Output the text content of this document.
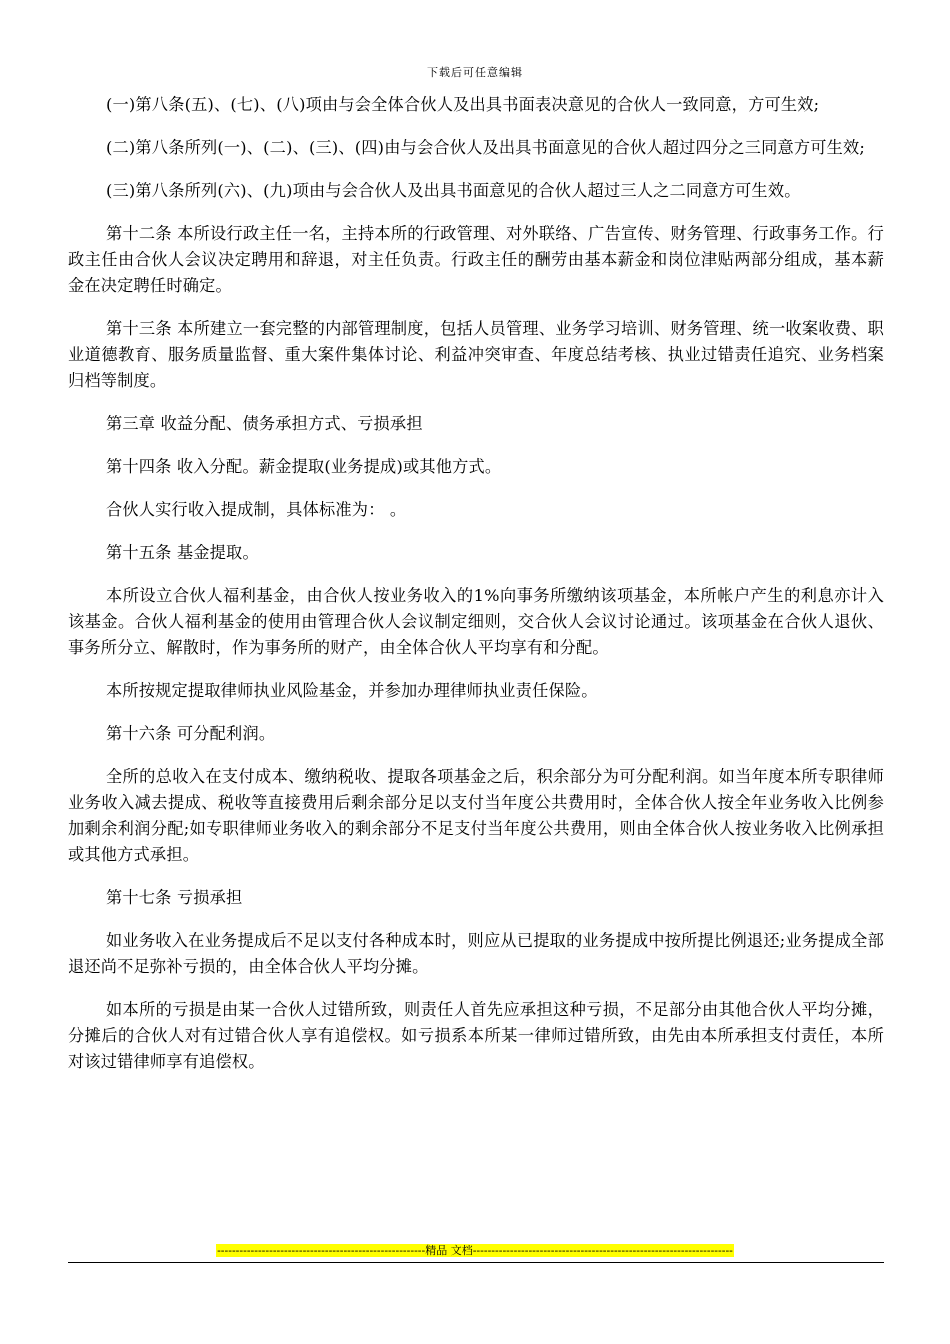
下载后可任意编辑

(一)第八条(五)、(七)、(八)项由与会全体合伙人及出具书面表决意见的合伙人一致同意，方可生效;

(二)第八条所列(一)、(二)、(三)、(四)由与会合伙人及出具书面意见的合伙人超过四分之三同意方可生效;

(三)第八条所列(六)、(九)项由与会合伙人及出具书面意见的合伙人超过三人之二同意方可生效。

第十二条 本所设行政主任一名，主持本所的行政管理、对外联络、广告宣传、财务管理、行政事务工作。行政主任由合伙人会议决定聘用和辞退，对主任负责。行政主任的酬劳由基本薪金和岗位津贴两部分组成，基本薪金在决定聘任时确定。

第十三条 本所建立一套完整的内部管理制度，包括人员管理、业务学习培训、财务管理、统一收案收费、职业道德教育、服务质量监督、重大案件集体讨论、利益冲突审查、年度总结考核、执业过错责任追究、业务档案归档等制度。

第三章 收益分配、债务承担方式、亏损承担

第十四条 收入分配。薪金提取(业务提成)或其他方式。

合伙人实行收入提成制，具体标准为： 。

第十五条 基金提取。

本所设立合伙人福利基金，由合伙人按业务收入的1%向事务所缴纳该项基金，本所帐户产生的利息亦计入该基金。合伙人福利基金的使用由管理合伙人会议制定细则，交合伙人会议讨论通过。该项基金在合伙人退伙、事务所分立、解散时，作为事务所的财产，由全体合伙人平均享有和分配。

本所按规定提取律师执业风险基金，并参加办理律师执业责任保险。

第十六条 可分配利润。

全所的总收入在支付成本、缴纳税收、提取各项基金之后，积余部分为可分配利润。如当年度本所专职律师业务收入减去提成、税收等直接费用后剩余部分足以支付当年度公共费用时，全体合伙人按全年业务收入比例参加剩余利润分配;如专职律师业务收入的剩余部分不足支付当年度公共费用，则由全体合伙人按业务收入比例承担或其他方式承担。

第十七条 亏损承担

如业务收入在业务提成后不足以支付各种成本时，则应从已提取的业务提成中按所提比例退还;业务提成全部退还尚不足弥补亏损的，由全体合伙人平均分摊。

如本所的亏损是由某一合伙人过错所致，则责任人首先应承担这种亏损，不足部分由其他合伙人平均分摊，分摊后的合伙人对有过错合伙人享有追偿权。如亏损系本所某一律师过错所致，由先由本所承担支付责任，本所对该过错律师享有追偿权。

--------------------------------------------------------精品 文档----------------------------------------------------------------------
